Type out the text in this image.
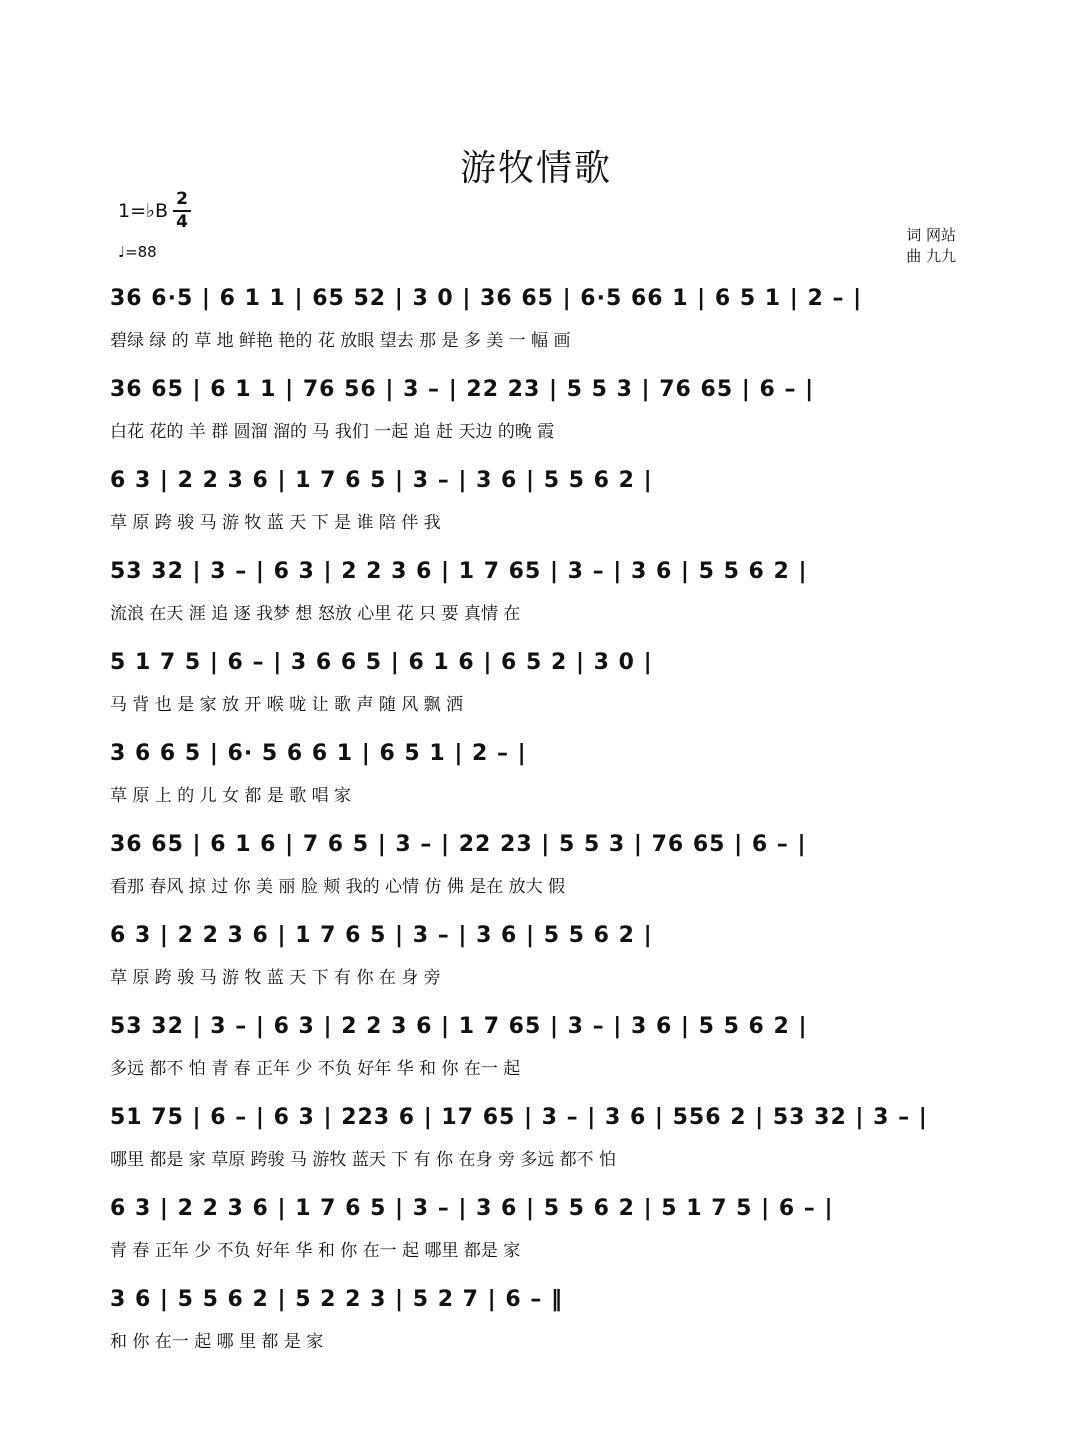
游牧情歌
1=♭B
2
4
♩=88
词 网站
曲 九九
36 6·5 | 6 1 1 | 65 52 | 3 0 | 36 65 | 6·5 66 1 | 6 5 1 | 2 – |
碧绿 绿 的 草 地 鲜艳 艳的 花 放眼 望去 那 是 多 美 一 幅 画
36 65 | 6 1 1 | 76 56 | 3 – | 22 23 | 5 5 3 | 76 65 | 6 – |
白花 花的 羊 群 圆溜 溜的 马 我们 一起 追 赶 天边 的晚 霞
6 3 | 2 2 3 6 | 1 7 6 5 | 3 – | 3 6 | 5 5 6 2 |
草 原 跨 骏 马 游 牧 蓝 天 下 是 谁 陪 伴 我
53 32 | 3 – | 6 3 | 2 2 3 6 | 1 7 65 | 3 – | 3 6 | 5 5 6 2 |
流浪 在天 涯 追 逐 我梦 想 怒放 心里 花 只 要 真情 在
5 1 7 5 | 6 – | 3 6 6 5 | 6 1 6 | 6 5 2 | 3 0 |
马 背 也 是 家 放 开 喉 咙 让 歌 声 随 风 飘 洒
3 6 6 5 | 6· 5 6 6 1 | 6 5 1 | 2 – |
草 原 上 的 儿 女 都 是 歌 唱 家
36 65 | 6 1 6 | 7 6 5 | 3 – | 22 23 | 5 5 3 | 76 65 | 6 – |
看那 春风 掠 过 你 美 丽 脸 颊 我的 心情 仿 佛 是在 放大 假
6 3 | 2 2 3 6 | 1 7 6 5 | 3 – | 3 6 | 5 5 6 2 |
草 原 跨 骏 马 游 牧 蓝 天 下 有 你 在 身 旁
53 32 | 3 – | 6 3 | 2 2 3 6 | 1 7 65 | 3 – | 3 6 | 5 5 6 2 |
多远 都不 怕 青 春 正年 少 不负 好年 华 和 你 在一 起
51 75 | 6 – | 6 3 | 223 6 | 17 65 | 3 – | 3 6 | 556 2 | 53 32 | 3 – |
哪里 都是 家 草原 跨骏 马 游牧 蓝天 下 有 你 在身 旁 多远 都不 怕
6 3 | 2 2 3 6 | 1 7 6 5 | 3 – | 3 6 | 5 5 6 2 | 5 1 7 5 | 6 – |
青 春 正年 少 不负 好年 华 和 你 在一 起 哪里 都是 家
3 6 | 5 5 6 2 | 5 2 2 3 | 5 2 7 | 6 – ‖
和 你 在一 起 哪 里 都 是 家
